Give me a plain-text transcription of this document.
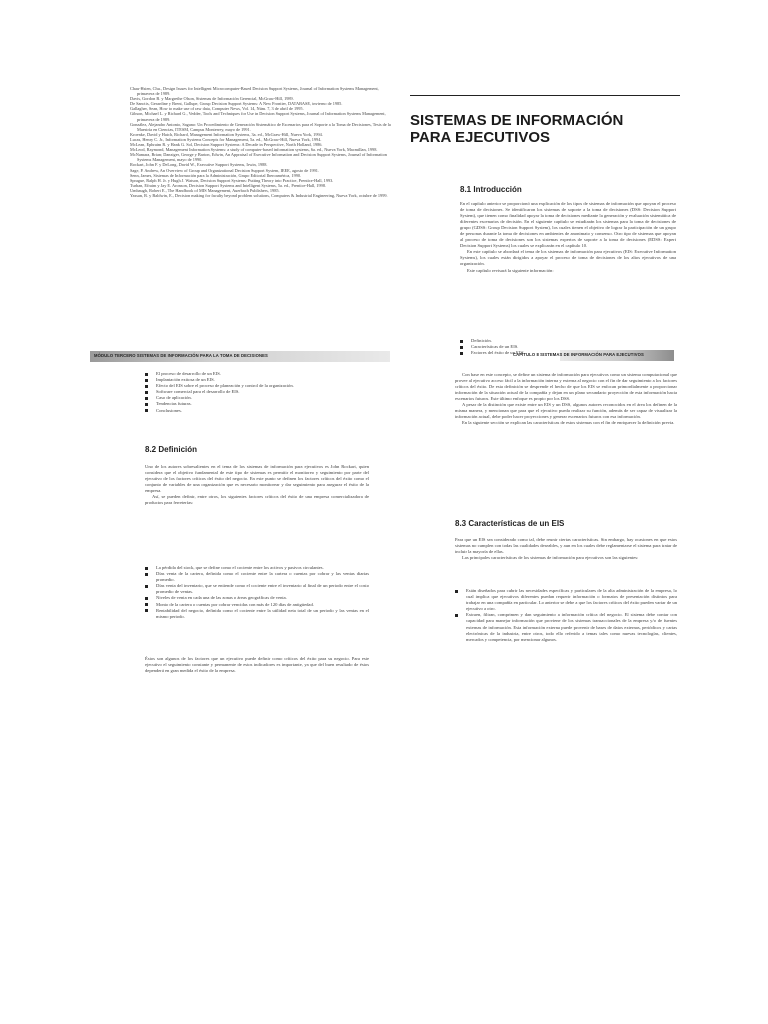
Chau-Hsien, Chu., Design Issues for Intelligent Microcomputer-Based Decision Support Systems, Journal of Information Systems Management, primavera de 1989.

Davis, Gordon B. y Margrethe Olson, Sistemas de Información Gerencial, McGraw-Hill, 1989.

De Sanctis, Gerardine y Brent, Gallupe, Group Decision Support Systems: A New Frontier, DATABASE, invierno de 1985.

Gallagher, Sean, How to make use of raw data, Computer News, Vol. 14, Núm. 7, 3 de abril de 1995.

Gibson, Michael L. y Richard G., Vedder, Tools and Techniques for Use in Decision Support Systems, Journal of Information Systems Management, primavera de 1989.

González, Alejandro Antonio, Sagano: Un Procedimiento de Generación Sistemático de Escenarios para el Soporte a la Toma de Decisiones, Tesis de la Maestría en Ciencias, ITESM, Campus Monterrey, mayo de 1991.

Kroenke, David y Hatch, Richard, Management Information Systems, 3a. ed., McGraw-Hill, Nueva York, 1994.

Lucas, Henry C. Jr., Information Systems Concepts for Management, 5a. ed., McGraw-Hill, Nueva York, 1994.

McLean, Ephraim R. y Hank G. Sol, Decision Support Systems: A Decade in Perspective, North Holland, 1986.

McLeod, Raymond, Management Information Systems: a study of computer-based information systems, 6a. ed., Nueva York, Macmillan, 1998.

McNamara, Brian; Danziger, George y Barton, Edwin, An Appraisal of Executive Information and Decision Support Systems, Journal of Information Systems Management, mayo de 1990.

Rockart, John F. y DeLong, David W., Executive Support Systems, Irwin, 1988.

Sage, P. Andrew, An Overview of Group and Organizational Decision Support System, IEEE, agosto de 1991.

Senn, James, Sistemas de Información para la Administración, Grupo Editorial Iberoamérica, 1990.

Sprague, Ralph H. Jr. y Hugh J. Watson, Decision Support Systems: Putting Theory into Practice, Prentice-Hall, 1993.

Turban, Efraim y Jay E. Aronson, Decision Support Systems and Intelligent Systems, 5a. ed., Prentice-Hall, 1998.

Umbaugh, Robert E., The Handbook of MIS Management, Auerbach Publishers, 1985.

Yassan, R. y Baldwin, E., Decision making for faculty beyond problem solutions, Computers & Industrial Engineering, Nueva York, octubre de 1999.

SISTEMAS DE INFORMACIÓN
PARA EJECUTIVOS
8.1 Introducción

En el capítulo anterior se proporcionó una explicación de los tipos de sistemas de información que apoyan el proceso de toma de decisiones. Se identificaron los sistemas de soporte a la toma de decisiones (DSS: Decision Support System), que tienen como finalidad apoyar la toma de decisiones mediante la generación y evaluación sistemática de diferentes escenarios de decisión. En el siguiente capítulo se estudiarán los sistemas para la toma de decisiones de grupo (GDSS: Group Decision Support System), los cuales tienen el objetivo de lograr la participación de un grupo de personas durante la toma de decisiones en ambientes de anonimato y consenso. Otro tipo de sistemas que apoyan al proceso de toma de decisiones son los sistemas expertos de soporte a la toma de decisiones (EDSS: Expert Decision Support Systems) los cuales se explicarán en el capítulo 10.

En este capítulo se abordará el tema de los sistemas de información para ejecutivos (EIS: Executive Information Systems), los cuales están dirigidos a apoyar el proceso de toma de decisiones de los altos ejecutivos de una organización.

Este capítulo revisará la siguiente información:

Definición.
Características de un EIS.
Factores del éxito de un EIS.
MÓDULO TERCERO SISTEMAS DE INFORMACIÓN PARA LA TOMA DE DECISIONES	CAPÍTULO 8 SISTEMAS DE INFORMACIÓN PARA EJECUTIVOS
El proceso de desarrollo de un EIS.
Implantación exitosa de un EIS.
Efecto del EIS sobre el proceso de planeación y control de la organización.
Software comercial para el desarrollo de EIS.
Caso de aplicación.
Tendencias futuras.
Conclusiones.
8.2 Definición

Uno de los autores sobresalientes en el tema de los sistemas de información para ejecutivos es John Rockart, quien considera que el objetivo fundamental de este tipo de sistemas es permitir el monitoreo y seguimiento por parte del ejecutivo de los factores críticos del éxito del negocio. En este punto se definen los factores críticos del éxito como el conjunto de variables de una organización que es necesario monitorear y dar seguimiento para asegurar el éxito de la empresa.

Así, se pueden definir, entre otros, los siguientes factores críticos del éxito de una empresa comercializadora de productos para ferreterías:

La pérdida del stock, que se define como el cociente entre los activos y pasivos circulantes.
Días venta de la cartera, definida como el cociente entre la cartera o cuentas por cobrar y las ventas diarias promedio.
Días venta del inventario, que se entiende como el cociente entre el inventario al final de un periodo entre el costo promedio de ventas.
Niveles de venta en cada una de las zonas o áreas geográficas de venta.
Monto de la cartera o cuentas por cobrar vencidas con más de 120 días de antigüedad.
Rentabilidad del negocio, definida como el cociente entre la utilidad neta total de un periodo y las ventas en el mismo periodo.

Éstos son algunos de los factores que un ejecutivo puede definir como críticos del éxito para su negocio. Para este ejecutivo el seguimiento constante y permanente de estos indicadores es importante, ya que del buen resultado de éstos dependerá en gran medida el éxito de la empresa.

Con base en este concepto, se define un sistema de información para ejecutivos como un sistema computacional que provee al ejecutivo acceso fácil a la información interna y externa al negocio con el fin de dar seguimiento a los factores críticos del éxito. De esta definición se desprende el hecho de que los EIS se enfocan primordialmente a proporcionar información de la situación actual de la compañía y dejan en un plano secundario proyección de esta información hacia escenarios futuros. Este último enfoque es propio por los DSS.

A pesar de la distinción que existe entre un EIS y un DSS, algunos autores reconocidos en el área los definen de la misma manera, y mencionan que para que el ejecutivo pueda realizar su función, además de ser capaz de visualizar la información actual, debe poder hacer proyecciones y generar escenarios futuros con esa información.

En la siguiente sección se explican las características de estos sistemas con el fin de enriquecer la definición previa.

8.3 Características de un EIS

Para que un EIS sea considerado como tal, debe reunir ciertas características. Sin embargo, hay ocasiones en que estos sistemas no cumplen con todas las cualidades deseables, y aun en los cuales debe reglamentarse el sistema para tratar de incluir la mayoría de ellas.

Las principales características de los sistemas de información para ejecutivos son las siguientes:

Están diseñados para cubrir las necesidades específicas y particulares de la alta administración de la empresa, lo cual implica que ejecutivos diferentes puedan requerir información o formatos de presentación distintos para trabajar en una compañía en particular. Lo anterior se debe a que los factores críticos del éxito pueden variar de un ejecutivo a otro.
Extraen, filtran, comprimen y dan seguimiento a información crítica del negocio. El sistema debe contar con capacidad para manejar información que proviene de los sistemas transaccionales de la empresa y/o de fuentes externas de información. Esta información externa puede provenir de bases de datos externas, periódicos y cartas electrónicas de la industria, entre otros, todo ello referido a temas tales como nuevas tecnologías, clientes, mercados y competencia, por mencionar algunos.
